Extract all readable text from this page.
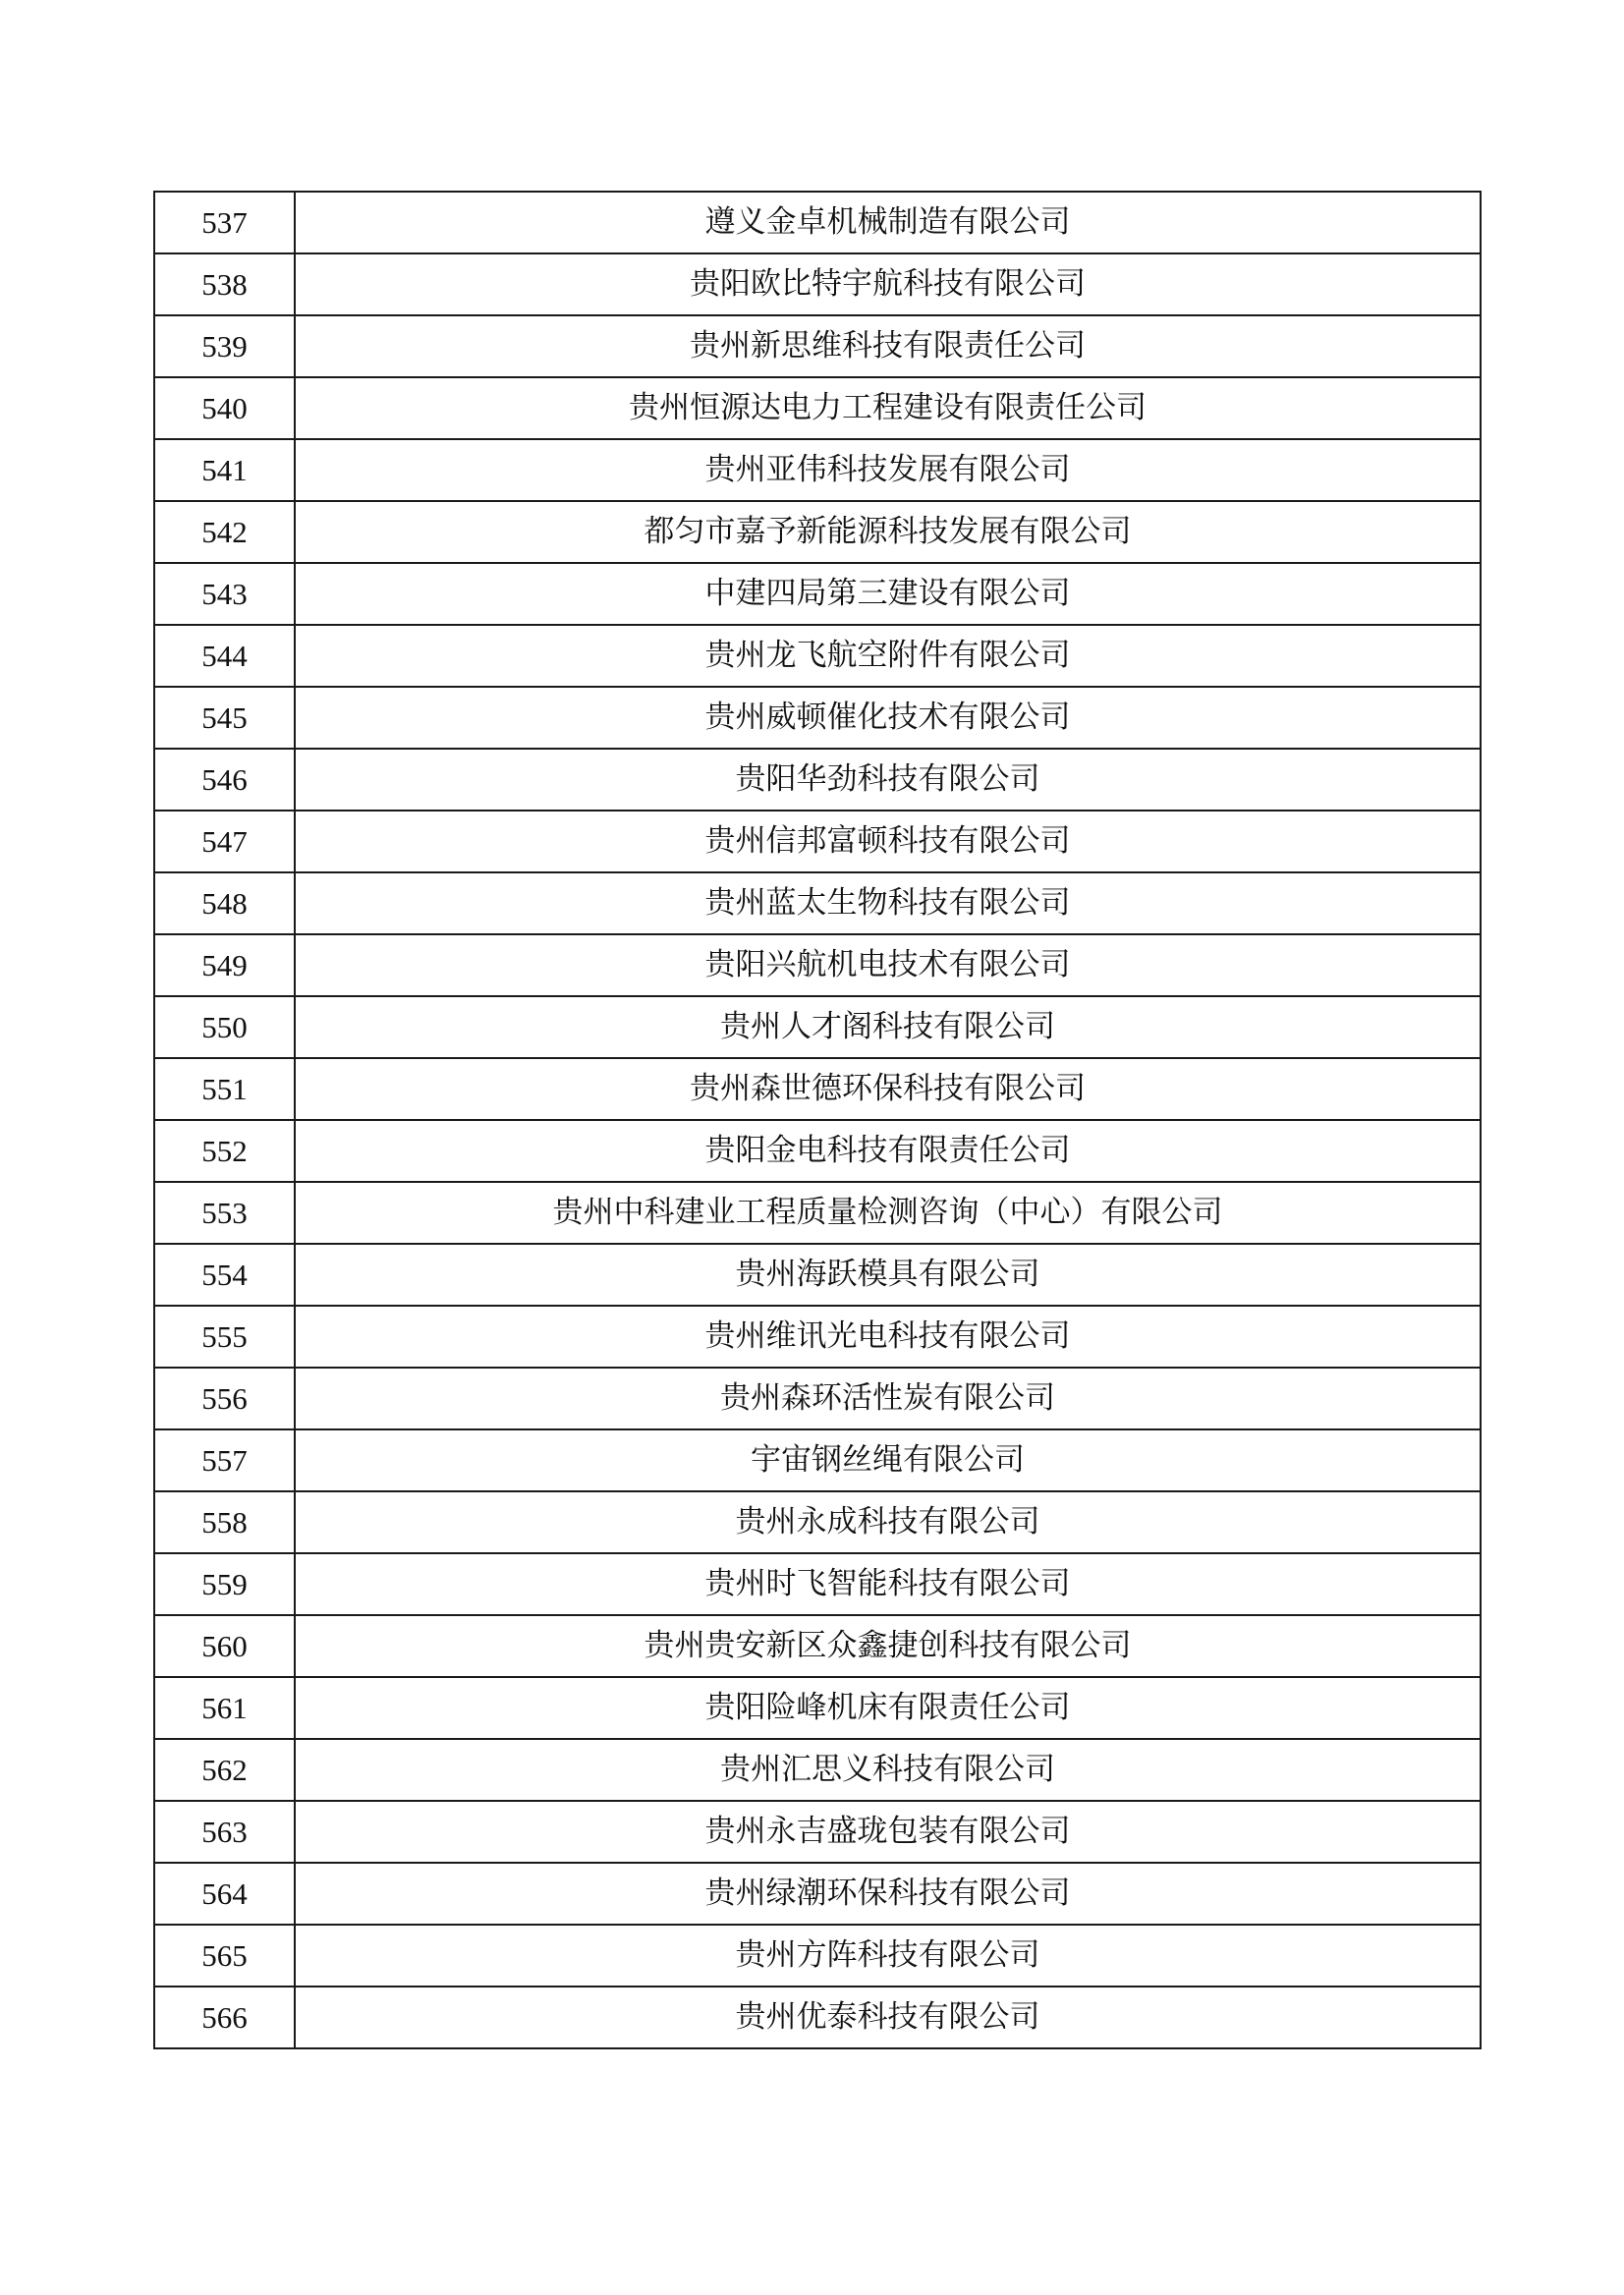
537	遵义金卓机械制造有限公司
538	贵阳欧比特宇航科技有限公司
539	贵州新思维科技有限责任公司
540	贵州恒源达电力工程建设有限责任公司
541	贵州亚伟科技发展有限公司
542	都匀市嘉予新能源科技发展有限公司
543	中建四局第三建设有限公司
544	贵州龙飞航空附件有限公司
545	贵州威顿催化技术有限公司
546	贵阳华劲科技有限公司
547	贵州信邦富顿科技有限公司
548	贵州蓝太生物科技有限公司
549	贵阳兴航机电技术有限公司
550	贵州人才阁科技有限公司
551	贵州森世德环保科技有限公司
552	贵阳金电科技有限责任公司
553	贵州中科建业工程质量检测咨询（中心）有限公司
554	贵州海跃模具有限公司
555	贵州维讯光电科技有限公司
556	贵州森环活性炭有限公司
557	宇宙钢丝绳有限公司
558	贵州永成科技有限公司
559	贵州时飞智能科技有限公司
560	贵州贵安新区众鑫捷创科技有限公司
561	贵阳险峰机床有限责任公司
562	贵州汇思义科技有限公司
563	贵州永吉盛珑包装有限公司
564	贵州绿潮环保科技有限公司
565	贵州方阵科技有限公司
566	贵州优泰科技有限公司
